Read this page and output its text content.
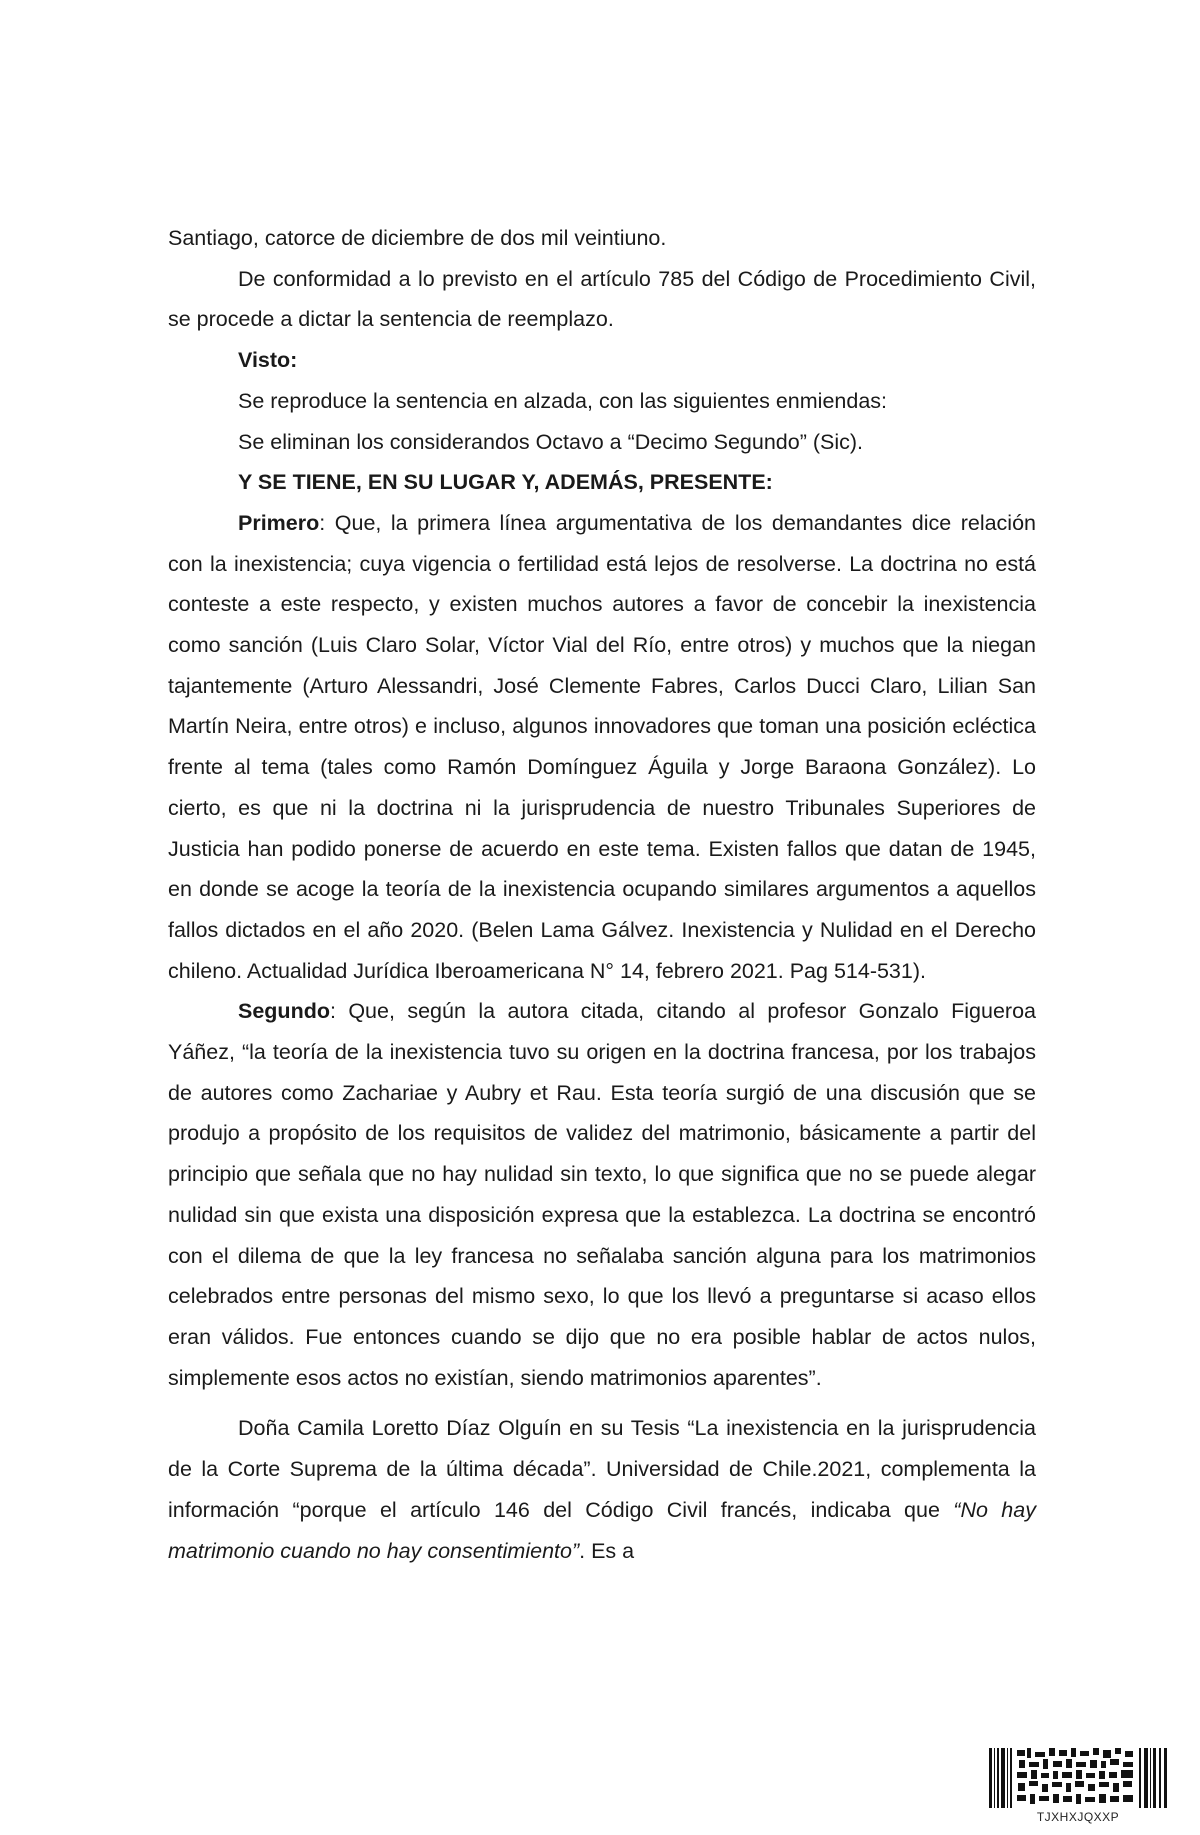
Santiago, catorce de diciembre de dos mil veintiuno.

De conformidad a lo previsto en el artículo 785 del Código de Procedimiento Civil, se procede a dictar la sentencia de reemplazo.

Visto:

Se reproduce la sentencia en alzada, con las siguientes enmiendas:

Se eliminan los considerandos Octavo a “Decimo Segundo” (Sic).

Y SE TIENE, EN SU LUGAR Y, ADEMÁS, PRESENTE:

Primero: Que, la primera línea argumentativa de los demandantes dice relación con la inexistencia; cuya vigencia o fertilidad está lejos de resolverse. La doctrina no está conteste a este respecto, y existen muchos autores a favor de concebir la inexistencia como sanción (Luis Claro Solar, Víctor Vial del Río, entre otros) y muchos que la niegan tajantemente (Arturo Alessandri, José Clemente Fabres, Carlos Ducci Claro, Lilian San Martín Neira, entre otros) e incluso, algunos innovadores que toman una posición ecléctica frente al tema (tales como Ramón Domínguez Águila y Jorge Baraona González). Lo cierto, es que ni la doctrina ni la jurisprudencia de nuestro Tribunales Superiores de Justicia han podido ponerse de acuerdo en este tema. Existen fallos que datan de 1945, en donde se acoge la teoría de la inexistencia ocupando similares argumentos a aquellos fallos dictados en el año 2020. (Belen Lama Gálvez. Inexistencia y Nulidad en el Derecho chileno. Actualidad Jurídica Iberoamericana N° 14, febrero 2021. Pag 514-531).

Segundo: Que, según la autora citada, citando al profesor Gonzalo Figueroa Yáñez, “la teoría de la inexistencia tuvo su origen en la doctrina francesa, por los trabajos de autores como Zachariae y Aubry et Rau. Esta teoría surgió de una discusión que se produjo a propósito de los requisitos de validez del matrimonio, básicamente a partir del principio que señala que no hay nulidad sin texto, lo que significa que no se puede alegar nulidad sin que exista una disposición expresa que la establezca. La doctrina se encontró con el dilema de que la ley francesa no señalaba sanción alguna para los matrimonios celebrados entre personas del mismo sexo, lo que los llevó a preguntarse si acaso ellos eran válidos. Fue entonces cuando se dijo que no era posible hablar de actos nulos, simplemente esos actos no existían, siendo matrimonios aparentes”.

Doña Camila Loretto Díaz Olguín en su Tesis “La inexistencia en la jurisprudencia de la Corte Suprema de la última década”. Universidad de Chile.2021, complementa la información “porque el artículo 146 del Código Civil francés, indicaba que “No hay matrimonio cuando no hay consentimiento”. Es a

TJXHXJQXXP
